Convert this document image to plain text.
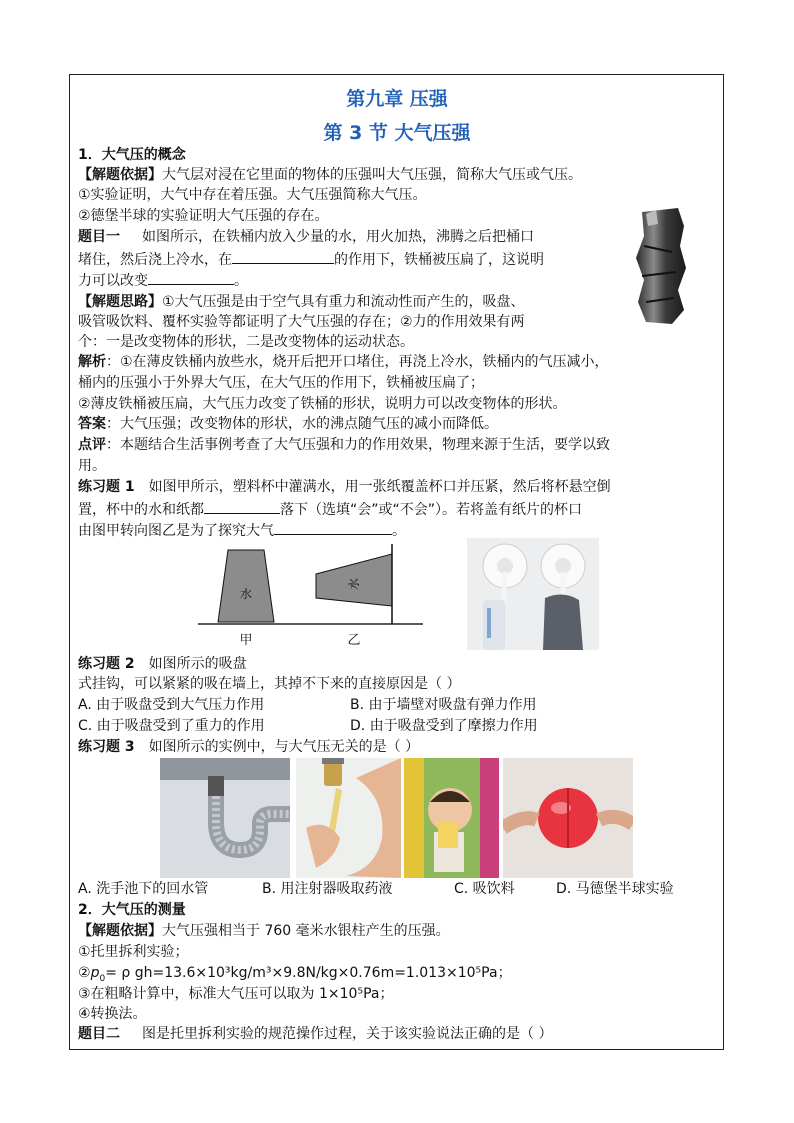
第九章 压强
第 3 节 大气压强
1．大气压的概念
【解题依据】大气层对浸在它里面的物体的压强叫大气压强，简称大气压或气压。
①实验证明，大气中存在着压强。大气压强简称大气压。
②德堡半球的实验证明大气压强的存在。
题目一 如图所示，在铁桶内放入少量的水，用火加热，沸腾之后把桶口
堵住，然后浇上冷水，在	的作用下，铁桶被压扁了，这说明
力可以改变	。
【解题思路】①大气压强是由于空气具有重力和流动性而产生的，吸盘、
吸管吸饮料、覆杯实验等都证明了大气压强的存在；②力的作用效果有两
个：一是改变物体的形状，二是改变物体的运动状态。
解析：①在薄皮铁桶内放些水，烧开后把开口堵住，再浇上冷水，铁桶内的气压减小，
桶内的压强小于外界大气压，在大气压的作用下，铁桶被压扁了；
②薄皮铁桶被压扁，大气压力改变了铁桶的形状，说明力可以改变物体的形状。
答案：大气压强；改变物体的形状，水的沸点随气压的减小而降低。
点评：本题结合生活事例考查了大气压强和力的作用效果，物理来源于生活，要学以致
用。
练习题 1 如图甲所示，塑料杯中灌满水，用一张纸覆盖杯口并压紧，然后将杯悬空倒
置，杯中的水和纸都	落下（选填“会”或“不会”）。若将盖有纸片的杯口
由图甲转向图乙是为了探究大气	。
水
水
甲	乙
练习题 2 如图所示的吸盘
式挂钩，可以紧紧的吸在墙上，其掉不下来的直接原因是（ ）
A. 由于吸盘受到大气压力作用	B. 由于墙壁对吸盘有弹力作用
C. 由于吸盘受到了重力的作用	D. 由于吸盘受到了摩擦力作用
练习题 3 如图所示的实例中，与大气压无关的是（ ）
A. 洗手池下的回水管	B. 用注射器吸取药液	C. 吸饮料	D. 马德堡半球实验
2．大气压的测量
【解题依据】大气压强相当于 760 毫米水银柱产生的压强。
①托里拆利实验；
$②p_0= \rho$ gh=13.6×10³kg/m³×9.8N/kg×0.76m=1.013×10⁵Pa；
③在粗略计算中，标准大气压可以取为 1×10⁵Pa；
④转换法。
题目二 图是托里拆利实验的规范操作过程，关于该实验说法正确的是（ ）
